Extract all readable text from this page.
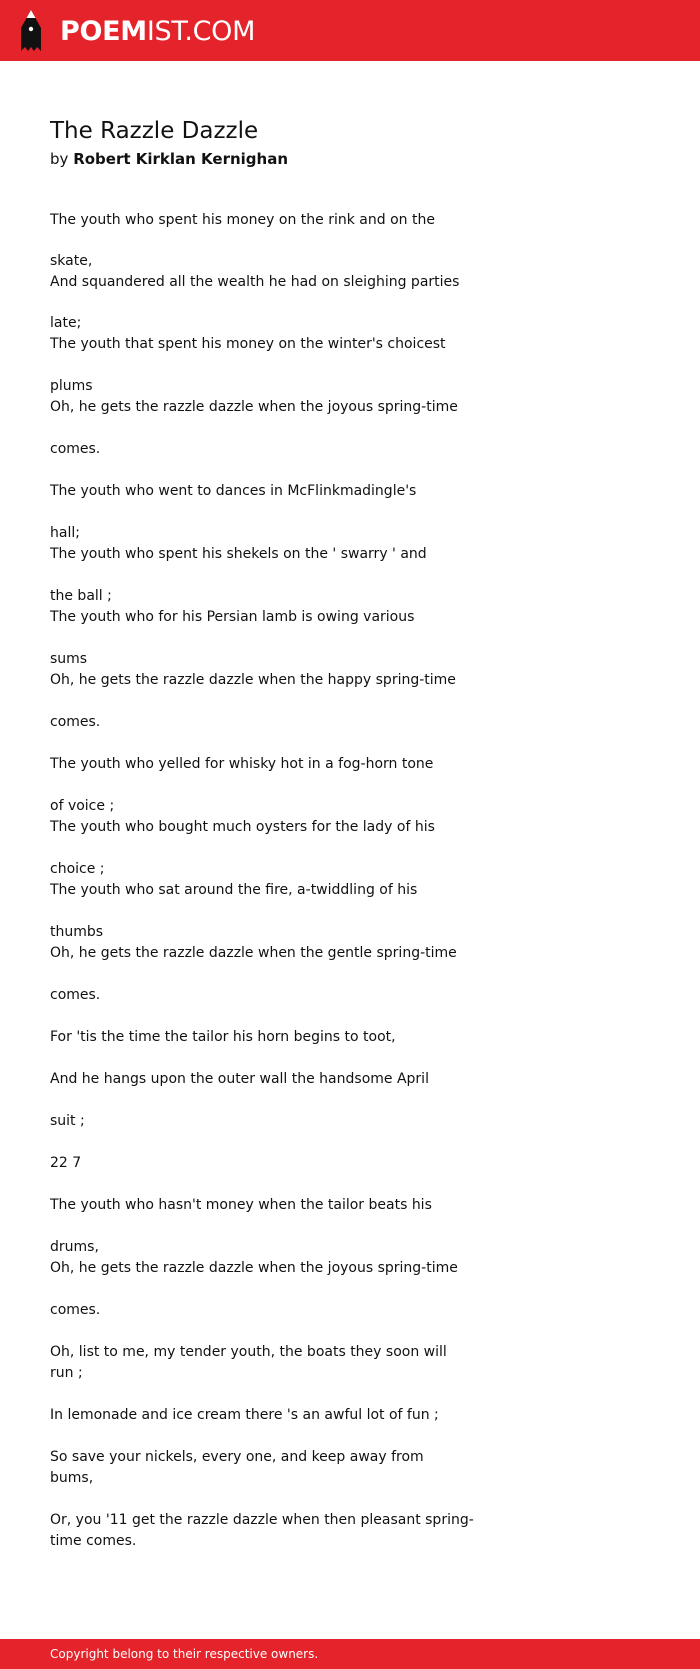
POEMIST.COM
The Razzle Dazzle
by Robert Kirklan Kernighan
The youth who spent his money on the rink and on the
skate,
And squandered all the wealth he had on sleighing parties
late;
The youth that spent his money on the winter's choicest
plums
Oh, he gets the razzle dazzle when the joyous spring-time
comes.
The youth who went to dances in McFlinkmadingle's
hall;
The youth who spent his shekels on the ' swarry ' and
the ball ;
The youth who for his Persian lamb is owing various
sums
Oh, he gets the razzle dazzle when the happy spring-time
comes.
The youth who yelled for whisky hot in a fog-horn tone
of voice ;
The youth who bought much oysters for the lady of his
choice ;
The youth who sat around the fire, a-twiddling of his
thumbs
Oh, he gets the razzle dazzle when the gentle spring-time
comes.
For 'tis the time the tailor his horn begins to toot,
And he hangs upon the outer wall the handsome April
suit ;
22 7
The youth who hasn't money when the tailor beats his
drums,
Oh, he gets the razzle dazzle when the joyous spring-time
comes.
Oh, list to me, my tender youth, the boats they soon will
run ;
In lemonade and ice cream there 's an awful lot of fun ;
So save your nickels, every one, and keep away from
bums,
Or, you '11 get the razzle dazzle when then pleasant spring-
time comes.
Copyright belong to their respective owners.
